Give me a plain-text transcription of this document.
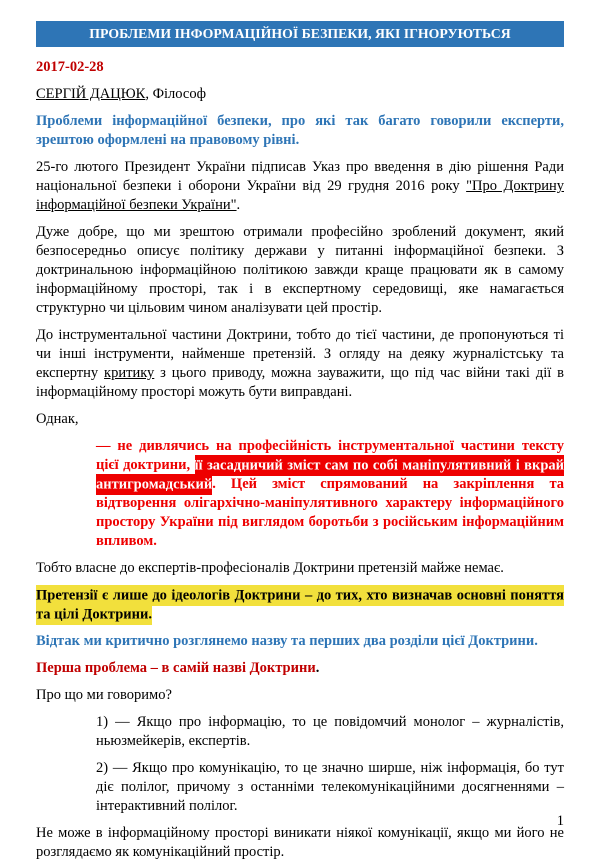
ПРОБЛЕМИ ІНФОРМАЦІЙНОЇ БЕЗПЕКИ, ЯКІ ІГНОРУЮТЬСЯ

2017-02-28

СЕРГІЙ ДАЦЮК, Філософ

Проблеми інформаційної безпеки, про які так багато говорили експерти, зрештою оформлені на правовому рівні.

25-го лютого Президент України підписав Указ про введення в дію рішення Ради національної безпеки і оборони України від 29 грудня 2016 року "Про Доктрину інформаційної безпеки України".

Дуже добре, що ми зрештою отримали професійно зроблений документ, який безпосередньо описує політику держави у питанні інформаційної безпеки. З доктринальною інформаційною політикою завжди краще працювати як в самому інформаційному просторі, так і в експертному середовищі, яке намагається структурно чи цільовим чином аналізувати цей простір.

До інструментальної частини Доктрини, тобто до тієї частини, де пропонуються ті чи інші інструменти, найменше претензій. З огляду на деяку журналістську та експертну критику з цього приводу, можна зауважити, що під час війни такі дії в інформаційному просторі можуть бути виправдані.

Однак,

— не дивлячись на професійність інструментальної частини тексту цієї доктрини, її засадничий зміст сам по собі маніпулятивний і вкрай антигромадський. Цей зміст спрямований на закріплення та відтворення олігархічно-маніпулятивного характеру інформаційного простору України під виглядом боротьби з російським інформаційним впливом.

Тобто власне до експертів-професіоналів Доктрини претензій майже немає.

Претензії є лише до ідеологів Доктрини – до тих, хто визначав основні поняття та цілі Доктрини.

Відтак ми критично розглянемо назву та перших два розділи цієї Доктрини.

Перша проблема – в самій назві Доктрини.

Про що ми говоримо?

1) — Якщо про інформацію, то це повідомчий монолог – журналістів, ньюзмейкерів, експертів.

2) — Якщо про комунікацію, то це значно ширше, ніж інформація, бо тут діє полілог, причому з останніми телекомунікаційними досягненнями – інтерактивний полілог.

Не може в інформаційному просторі виникати ніякої комунікації, якщо ми його не розглядаємо як комунікаційний простір.

1
